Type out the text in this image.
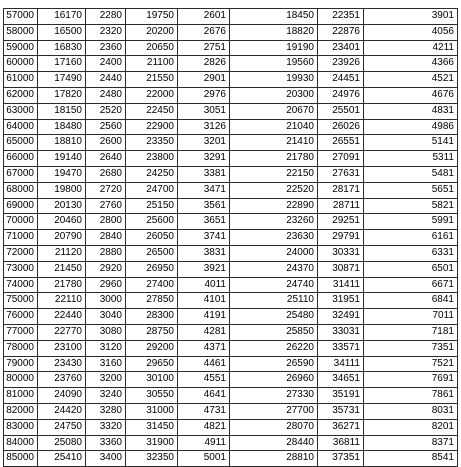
57000	16170	2280	19750	2601	18450	22351	3901
58000	16500	2320	20200	2676	18820	22876	4056
59000	16830	2360	20650	2751	19190	23401	4211
60000	17160	2400	21100	2826	19560	23926	4366
61000	17490	2440	21550	2901	19930	24451	4521
62000	17820	2480	22000	2976	20300	24976	4676
63000	18150	2520	22450	3051	20670	25501	4831
64000	18480	2560	22900	3126	21040	26026	4986
65000	18810	2600	23350	3201	21410	26551	5141
66000	19140	2640	23800	3291	21780	27091	5311
67000	19470	2680	24250	3381	22150	27631	5481
68000	19800	2720	24700	3471	22520	28171	5651
69000	20130	2760	25150	3561	22890	28711	5821
70000	20460	2800	25600	3651	23260	29251	5991
71000	20790	2840	26050	3741	23630	29791	6161
72000	21120	2880	26500	3831	24000	30331	6331
73000	21450	2920	26950	3921	24370	30871	6501
74000	21780	2960	27400	4011	24740	31411	6671
75000	22110	3000	27850	4101	25110	31951	6841
76000	22440	3040	28300	4191	25480	32491	7011
77000	22770	3080	28750	4281	25850	33031	7181
78000	23100	3120	29200	4371	26220	33571	7351
79000	23430	3160	29650	4461	26590	34111	7521
80000	23760	3200	30100	4551	26960	34651	7691
81000	24090	3240	30550	4641	27330	35191	7861
82000	24420	3280	31000	4731	27700	35731	8031
83000	24750	3320	31450	4821	28070	36271	8201
84000	25080	3360	31900	4911	28440	36811	8371
85000	25410	3400	32350	5001	28810	37351	8541
